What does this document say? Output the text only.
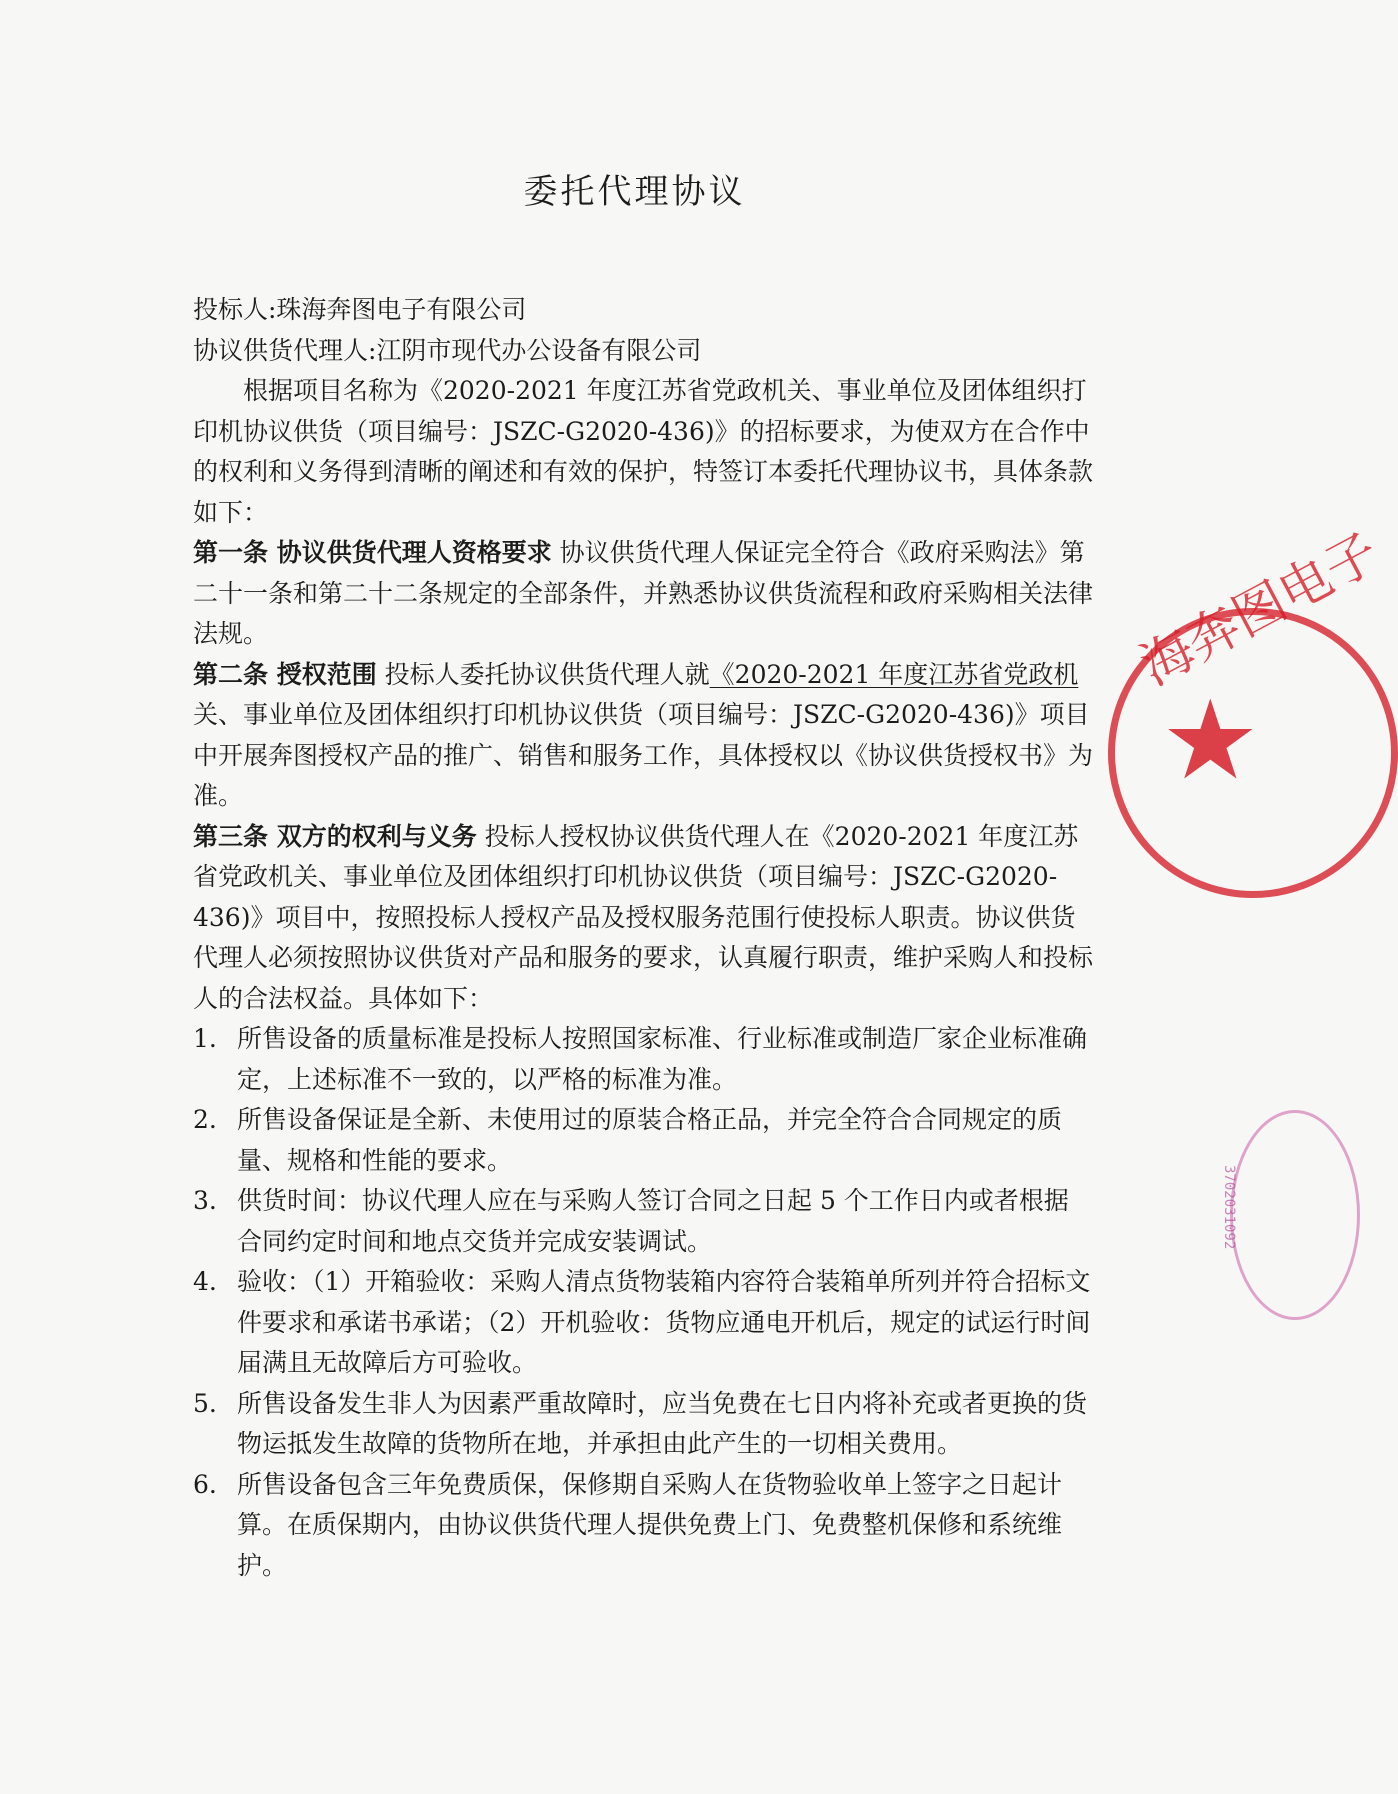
委托代理协议

投标人:珠海奔图电子有限公司

协议供货代理人:江阴市现代办公设备有限公司

根据项目名称为《2020-2021 年度江苏省党政机关、事业单位及团体组织打印机协议供货（项目编号：JSZC-G2020-436)》的招标要求，为使双方在合作中的权利和义务得到清晰的阐述和有效的保护，特签订本委托代理协议书，具体条款如下：

第一条 协议供货代理人资格要求 协议供货代理人保证完全符合《政府采购法》第二十一条和第二十二条规定的全部条件，并熟悉协议供货流程和政府采购相关法律法规。

第二条 授权范围 投标人委托协议供货代理人就《2020-2021 年度江苏省党政机关、事业单位及团体组织打印机协议供货（项目编号：JSZC-G2020-436)》项目中开展奔图授权产品的推广、销售和服务工作，具体授权以《协议供货授权书》为准。

第三条 双方的权利与义务 投标人授权协议供货代理人在《2020-2021 年度江苏省党政机关、事业单位及团体组织打印机协议供货（项目编号：JSZC-G2020-436)》项目中，按照投标人授权产品及授权服务范围行使投标人职责。协议供货代理人必须按照协议供货对产品和服务的要求，认真履行职责，维护采购人和投标人的合法权益。具体如下：

1. 所售设备的质量标准是投标人按照国家标准、行业标准或制造厂家企业标准确定，上述标准不一致的，以严格的标准为准。
2. 所售设备保证是全新、未使用过的原装合格正品，并完全符合合同规定的质量、规格和性能的要求。
3. 供货时间：协议代理人应在与采购人签订合同之日起 5 个工作日内或者根据合同约定时间和地点交货并完成安装调试。
4. 验收：（1）开箱验收：采购人清点货物装箱内容符合装箱单所列并符合招标文件要求和承诺书承诺；（2）开机验收：货物应通电开机后，规定的试运行时间届满且无故障后方可验收。
5. 所售设备发生非人为因素严重故障时，应当免费在七日内将补充或者更换的货物运抵发生故障的货物所在地，并承担由此产生的一切相关费用。
6. 所售设备包含三年免费质保，保修期自采购人在货物验收单上签字之日起计算。在质保期内，由协议供货代理人提供免费上门、免费整机保修和系统维护。
海奔图电子
★
3702031092
